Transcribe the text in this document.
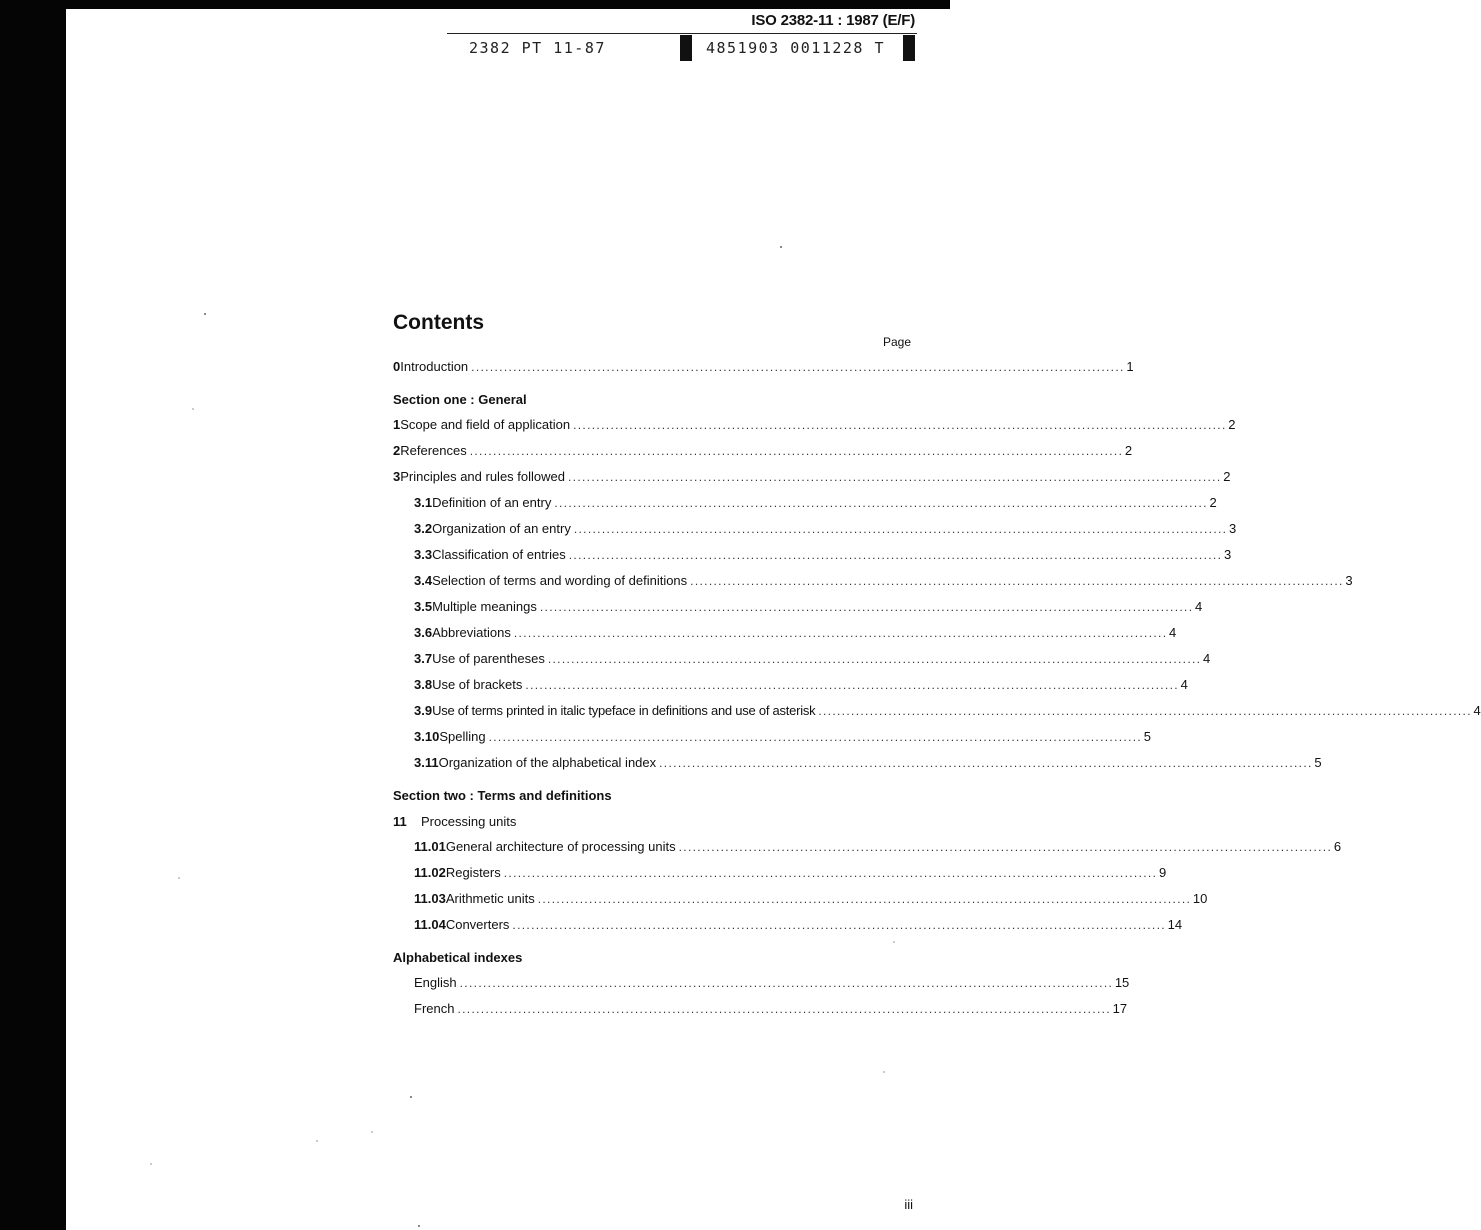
ISO 2382-11 : 1987 (E/F)
2382 PT 11-87	4851903 0011228 T
Contents
Page
0 Introduction . . .	1
Section one : General
1 Scope and field of application . . .	2
2 References . . .	2
3 Principles and rules followed . . .	2
3.1 Definition of an entry . . .	2
3.2 Organization of an entry . . .	3
3.3 Classification of entries . . .	3
3.4 Selection of terms and wording of definitions . . .	3
3.5 Multiple meanings . . .	4
3.6 Abbreviations . . .	4
3.7 Use of parentheses . . .	4
3.8 Use of brackets . . .	4
3.9 Use of terms printed in italic typeface in definitions and use of asterisk . . .	4
3.10 Spelling . . .	5
3.11 Organization of the alphabetical index . . .	5
Section two : Terms and definitions
11 Processing units
11.01 General architecture of processing units . . .	6
11.02 Registers . . .	9
11.03 Arithmetic units . . .	10
11.04 Converters . . .	14
Alphabetical indexes
English . . .	15
French . . .	17
iii
